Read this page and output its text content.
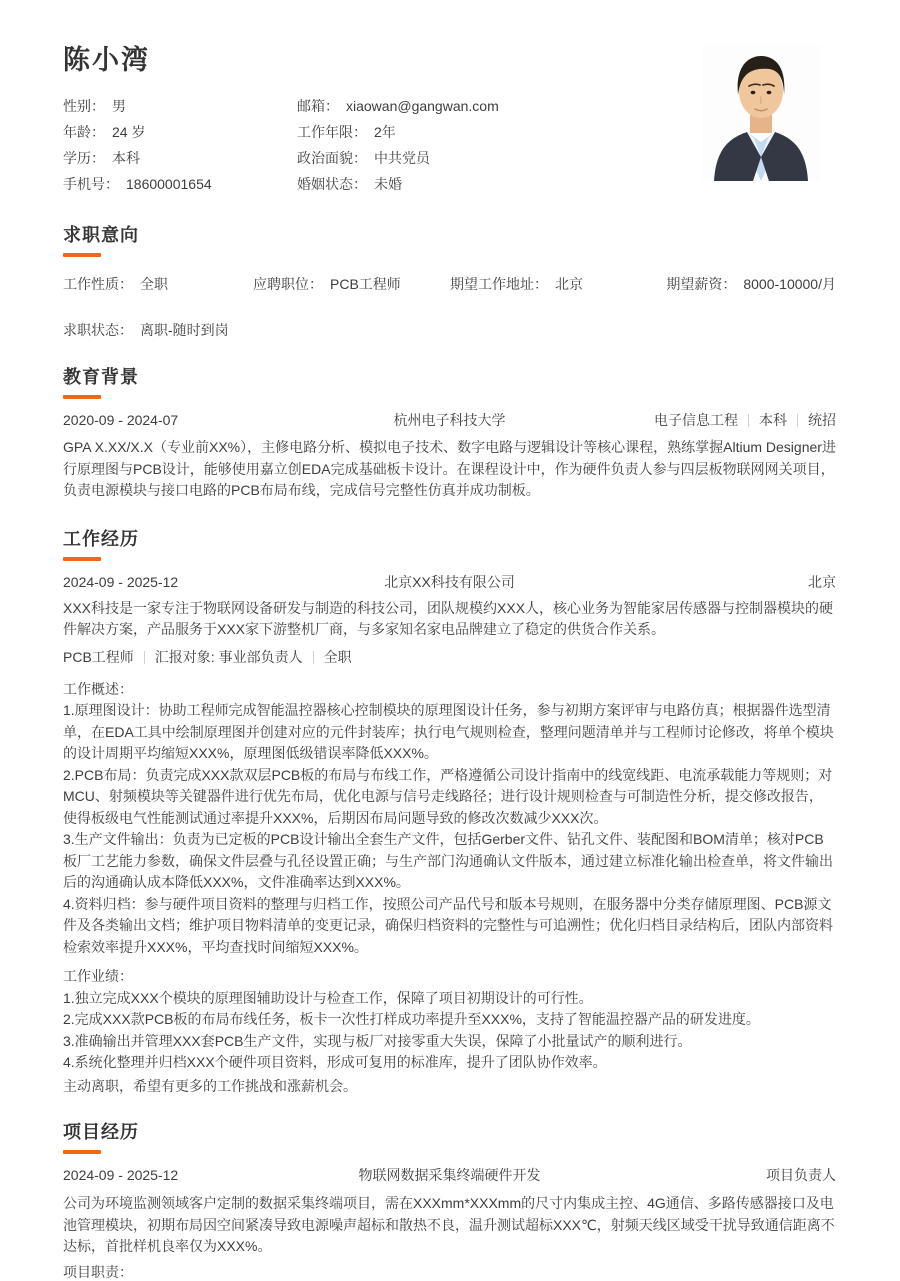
陈小湾
性别： 男	邮箱： xiaowan@gangwan.com
年龄： 24 岁	工作年限： 2年
学历： 本科	政治面貌： 中共党员
手机号： 18600001654	婚姻状态： 未婚
求职意向
工作性质： 全职	应聘职位： PCB工程师	期望工作地址： 北京	期望薪资： 8000-10000/月
求职状态： 离职-随时到岗
教育背景
2020-09 - 2024-07	杭州电子科技大学	电子信息工程 本科 统招

GPA X.XX/X.X（专业前XX%），主修电路分析、模拟电子技术、数字电路与逻辑设计等核心课程，熟练掌握Altium Designer进行原理图与PCB设计，能够使用嘉立创EDA完成基础板卡设计。在课程设计中，作为硬件负责人参与四层板物联网网关项目，负责电源模块与接口电路的PCB布局布线，完成信号完整性仿真并成功制板。

工作经历
2024-09 - 2025-12	北京XX科技有限公司	北京

XXX科技是一家专注于物联网设备研发与制造的科技公司，团队规模约XXX人，核心业务为智能家居传感器与控制器模块的硬件解决方案，产品服务于XXX家下游整机厂商，与多家知名家电品牌建立了稳定的供货合作关系。

PCB工程师 汇报对象: 事业部负责人 全职
工作概述：
1.原理图设计：协助工程师完成智能温控器核心控制模块的原理图设计任务，参与初期方案评审与电路仿真；根据器件选型清单，在EDA工具中绘制原理图并创建对应的元件封装库；执行电气规则检查，整理问题清单并与工程师讨论修改，将单个模块的设计周期平均缩短XXX%，原理图低级错误率降低XXX%。
2.PCB布局：负责完成XXX款双层PCB板的布局与布线工作，严格遵循公司设计指南中的线宽线距、电流承载能力等规则；对MCU、射频模块等关键器件进行优先布局，优化电源与信号走线路径；进行设计规则检查与可制造性分析，提交修改报告，使得板级电气性能测试通过率提升XXX%，后期因布局问题导致的修改次数减少XXX次。
3.生产文件输出：负责为已定板的PCB设计输出全套生产文件，包括Gerber文件、钻孔文件、装配图和BOM清单；核对PCB板厂工艺能力参数，确保文件层叠与孔径设置正确；与生产部门沟通确认文件版本，通过建立标准化输出检查单，将文件输出后的沟通确认成本降低XXX%，文件准确率达到XXX%。
4.资料归档：参与硬件项目资料的整理与归档工作，按照公司产品代号和版本号规则，在服务器中分类存储原理图、PCB源文件及各类输出文档；维护项目物料清单的变更记录，确保归档资料的完整性与可追溯性；优化归档目录结构后，团队内部资料检索效率提升XXX%，平均查找时间缩短XXX%。
工作业绩：
1.独立完成XXX个模块的原理图辅助设计与检查工作，保障了项目初期设计的可行性。
2.完成XXX款PCB板的布局布线任务，板卡一次性打样成功率提升至XXX%，支持了智能温控器产品的研发进度。
3.准确输出并管理XXX套PCB生产文件，实现与板厂对接零重大失误，保障了小批量试产的顺利进行。
4.系统化整理并归档XXX个硬件项目资料，形成可复用的标准库，提升了团队协作效率。

主动离职，希望有更多的工作挑战和涨薪机会。

项目经历
2024-09 - 2025-12	物联网数据采集终端硬件开发	项目负责人

公司为环境监测领域客户定制的数据采集终端项目，需在XXXmm*XXXmm的尺寸内集成主控、4G通信、多路传感器接口及电池管理模块，初期布局因空间紧凑导致电源噪声超标和散热不良，温升测试超标XXX℃，射频天线区域受干扰导致通信距离不达标，首批样机良率仅为XXX%。

项目职责：
